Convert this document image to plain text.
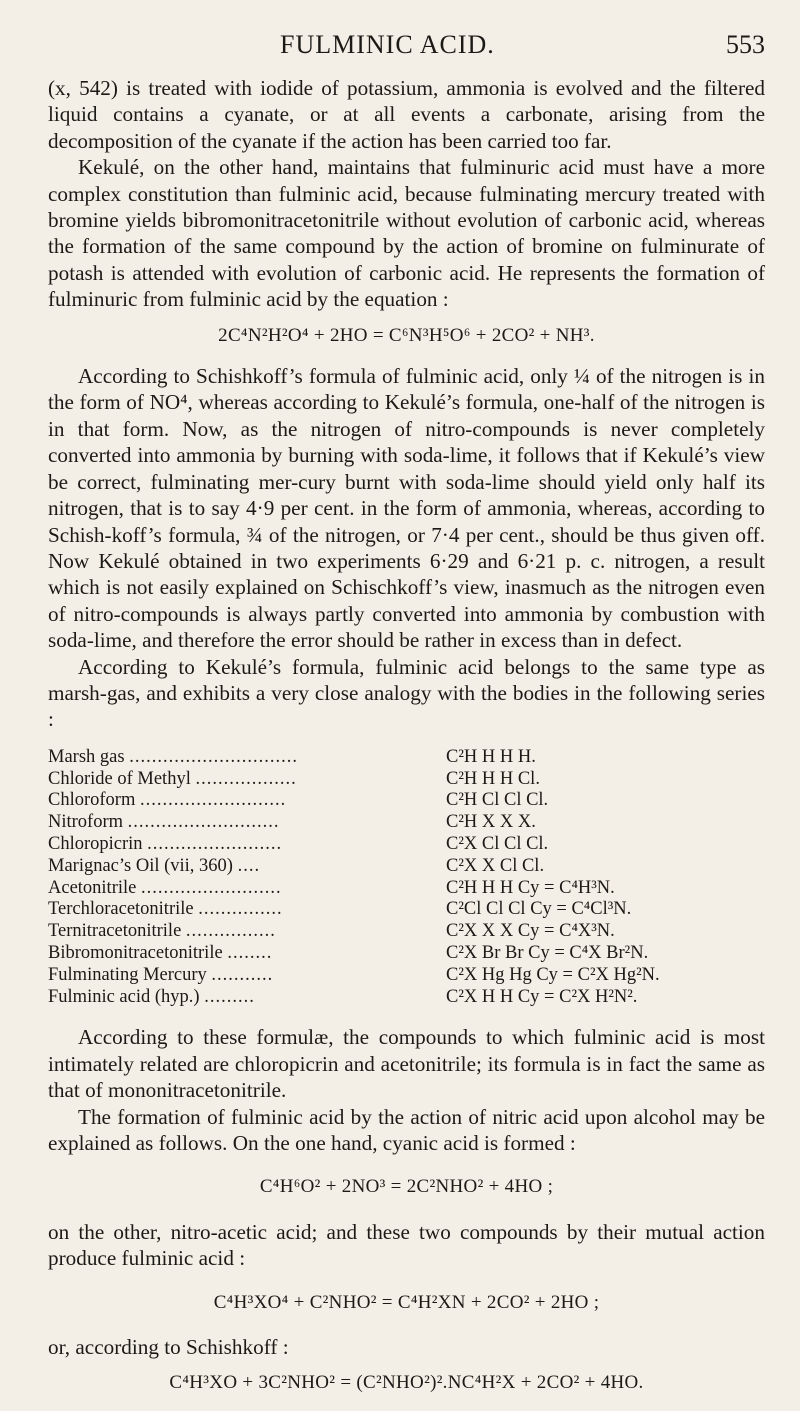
FULMINIC ACID.	553

(x, 542) is treated with iodide of potassium, ammonia is evolved and the filtered liquid contains a cyanate, or at all events a carbonate, arising from the decomposition of the cyanate if the action has been carried too far.

Kekulé, on the other hand, maintains that fulminuric acid must have a more complex constitution than fulminic acid, because fulminating mercury treated with bromine yields bibromonitracetonitrile without evolution of carbonic acid, whereas the formation of the same compound by the action of bromine on fulminurate of potash is attended with evolution of carbonic acid. He represents the formation of fulminuric from fulminic acid by the equation :

2C⁴N²H²O⁴ + 2HO = C⁶N³H⁵O⁶ + 2CO² + NH³.

According to Schishkoff’s formula of fulminic acid, only ¼ of the nitrogen is in the form of NO⁴, whereas according to Kekulé’s formula, one-half of the nitrogen is in that form. Now, as the nitrogen of nitro-compounds is never completely converted into ammonia by burning with soda-lime, it follows that if Kekulé’s view be correct, fulminating mer-cury burnt with soda-lime should yield only half its nitrogen, that is to say 4·9 per cent. in the form of ammonia, whereas, according to Schish-koff’s formula, ¾ of the nitrogen, or 7·4 per cent., should be thus given off. Now Kekulé obtained in two experiments 6·29 and 6·21 p. c. nitrogen, a result which is not easily explained on Schischkoff’s view, inasmuch as the nitrogen even of nitro-compounds is always partly converted into ammonia by combustion with soda-lime, and therefore the error should be rather in excess than in defect.

According to Kekulé’s formula, fulminic acid belongs to the same type as marsh-gas, and exhibits a very close analogy with the bodies in the following series :

Marsh gas ..............................	C²H H H H.
Chloride of Methyl ..................	C²H H H Cl.
Chloroform ..........................	C²H Cl Cl Cl.
Nitroform ...........................	C²H X X X.
Chloropicrin ........................	C²X Cl Cl Cl.
Marignac’s Oil (vii, 360) ....	C²X X Cl Cl.
Acetonitrile .........................	C²H H H Cy = C⁴H³N.
Terchloracetonitrile ...............	C²Cl Cl Cl Cy = C⁴Cl³N.
Ternitracetonitrile ................	C²X X X Cy = C⁴X³N.
Bibromonitracetonitrile ........	C²X Br Br Cy = C⁴X Br²N.
Fulminating Mercury ...........	C²X Hg Hg Cy = C²X Hg²N.
Fulminic acid (hyp.) .........	C²X H H Cy = C²X H²N².

According to these formulæ, the compounds to which fulminic acid is most intimately related are chloropicrin and acetonitrile; its formula is in fact the same as that of mononitracetonitrile.

The formation of fulminic acid by the action of nitric acid upon alcohol may be explained as follows. On the one hand, cyanic acid is formed :

C⁴H⁶O² + 2NO³ = 2C²NHO² + 4HO ;

on the other, nitro-acetic acid; and these two compounds by their mutual action produce fulminic acid :

C⁴H³XO⁴ + C²NHO² = C⁴H²XN + 2CO² + 2HO ;

or, according to Schishkoff :

C⁴H³XO + 3C²NHO² = (C²NHO²)².NC⁴H²X + 2CO² + 4HO.
